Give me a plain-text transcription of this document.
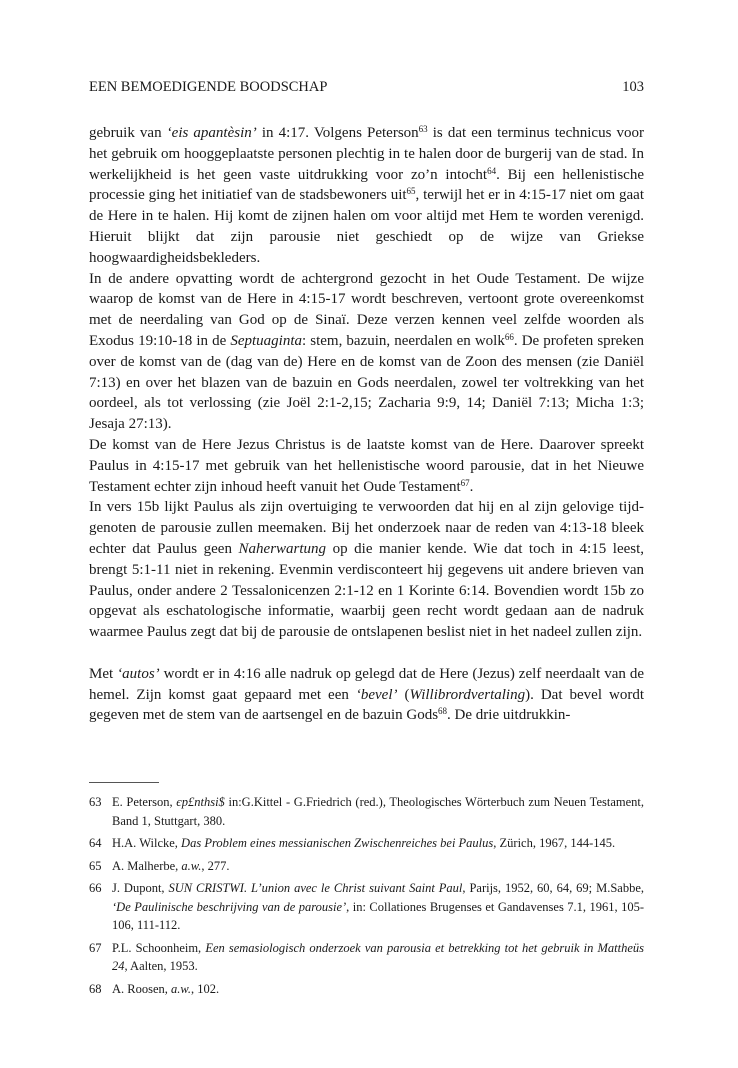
EEN BEMOEDIGENDE BOODSCHAP	103

gebruik van ‘eis apantèsin’ in 4:17. Volgens Peterson$^{63}$ is dat een terminus technicus voor het gebruik om hooggeplaatste personen plechtig in te halen door de burgerij van de stad. In werkelijkheid is het geen vaste uitdrukking voor zo’n intocht$^{64}$. Bij een hellenistische processie ging het initiatief van de stadsbewoners uit$^{65}$, terwijl het er in 4:15-17 niet om gaat de Here in te halen. Hij komt de zijnen halen om voor altijd met Hem te worden verenigd. Hieruit blijkt dat zijn parousie niet geschiedt op de wijze van Griekse hoogwaardigheidsbekleders.

In de andere opvatting wordt de achtergrond gezocht in het Oude Testament. De wijze waarop de komst van de Here in 4:15-17 wordt beschreven, vertoont grote overeenkomst met de neerdaling van God op de Sinaï. Deze verzen kennen veel zelfde woorden als Exodus 19:10-18 in de Septuaginta: stem, bazuin, neerdalen en wolk$^{66}$. De profeten spreken over de komst van de (dag van de) Here en de komst van de Zoon des mensen (zie Daniël 7:13) en over het blazen van de bazuin en Gods neerdalen, zowel ter voltrekking van het oordeel, als tot verlossing (zie Joël 2:1-2,15; Zacharia 9:9, 14; Daniël 7:13; Micha 1:3; Jesaja 27:13).

De komst van de Here Jezus Christus is de laatste komst van de Here. Daarover spreekt Paulus in 4:15-17 met gebruik van het hellenistische woord parousie, dat in het Nieuwe Testament echter zijn inhoud heeft vanuit het Oude Testament$^{67}$.

In vers 15b lijkt Paulus als zijn overtuiging te verwoorden dat hij en al zijn gelovige tijdgenoten de parousie zullen meemaken. Bij het onderzoek naar de reden van 4:13-18 bleek echter dat Paulus geen Naherwartung op die manier kende. Wie dat toch in 4:15 leest, brengt 5:1-11 niet in rekening. Evenmin verdisconteert hij gegevens uit andere brieven van Paulus, onder andere 2 Tessalonicenzen 2:1-12 en 1 Korinte 6:14. Bovendien wordt 15b zo opgevat als eschatologische informatie, waarbij geen recht wordt gedaan aan de nadruk waarmee Paulus zegt dat bij de parousie de ontslapenen beslist niet in het nadeel zullen zijn.

Met ‘autos’ wordt er in 4:16 alle nadruk op gelegd dat de Here (Jezus) zelf neerdaalt van de hemel. Zijn komst gaat gepaard met een ‘bevel’ (Willibrordvertaling). Dat bevel wordt gegeven met de stem van de aartsengel en de bazuin Gods$^{68}$. De drie uitdrukkin-

63 E. Peterson, єp£nthsi$ in:G.Kittel - G.Friedrich (red.), Theologisches Wörterbuch zum Neuen Testament, Band 1, Stuttgart, 380.
64 H.A. Wilcke, Das Problem eines messianischen Zwischenreiches bei Paulus, Zürich, 1967, 144-145.
65 A. Malherbe, a.w., 277.
66 J. Dupont, SUN CRISTWI. L’union avec le Christ suivant Saint Paul, Parijs, 1952, 60, 64, 69; M.Sabbe, ‘De Paulinische beschrijving van de parousie’, in: Collationes Brugenses et Gandavenses 7.1, 1961, 105-106, 111-112.
67 P.L. Schoonheim, Een semasiologisch onderzoek van parousia et betrekking tot het gebruik in Mattheüs 24, Aalten, 1953.
68 A. Roosen, a.w., 102.
